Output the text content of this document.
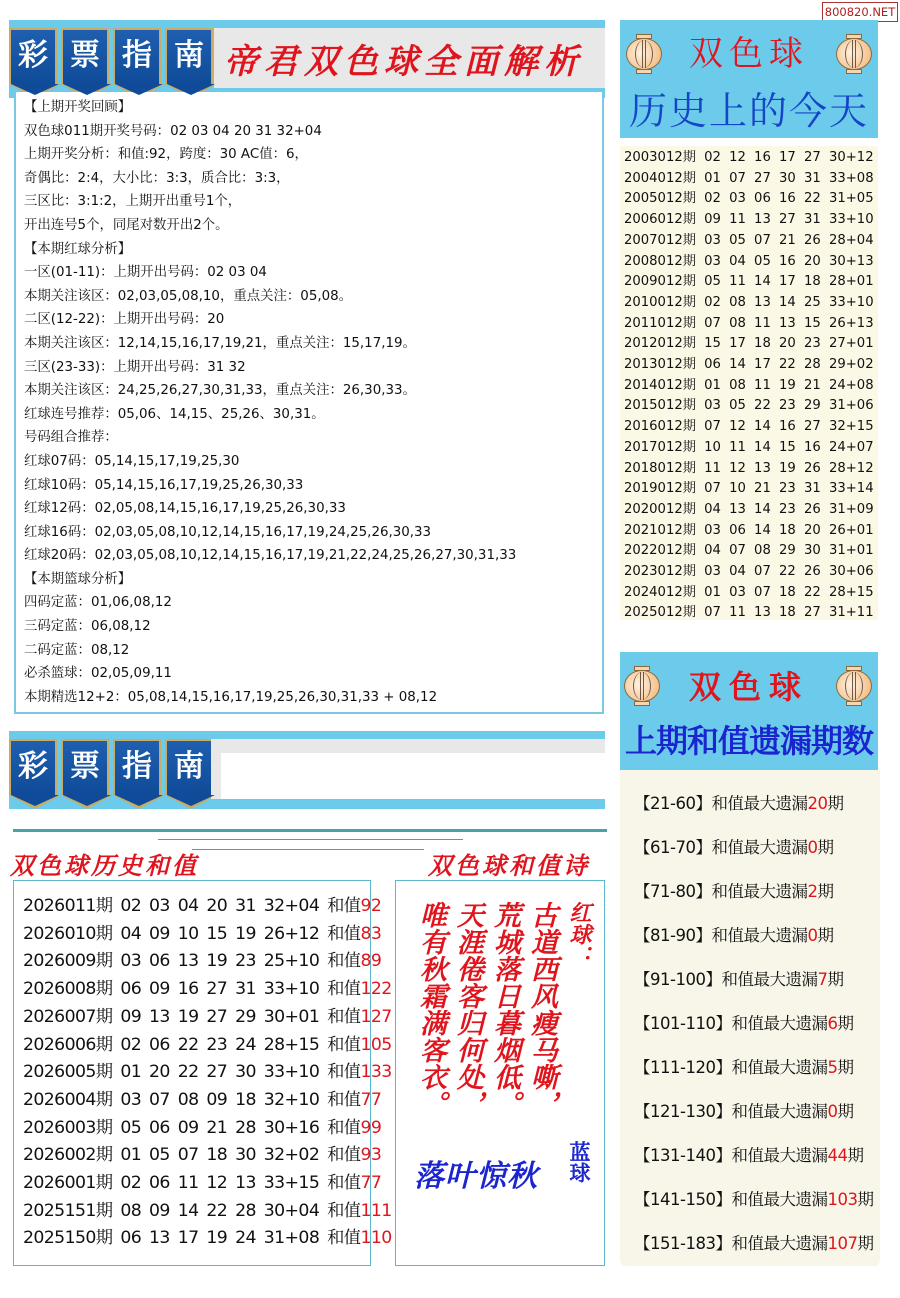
800820.NET
彩 票 指 南 帝君双色球全面解析
【上期开奖回顾】
双色球011期开奖号码：02 03 04 20 31 32+04
上期开奖分析：和值:92，跨度：30 AC值：6，
奇偶比：2:4，大小比：3:3，质合比：3:3，
三区比：3:1:2，上期开出重号1个，
开出连号5个，同尾对数开出2个。
【本期红球分析】
一区(01-11)：上期开出号码：02 03 04
本期关注该区：02,03,05,08,10，重点关注：05,08。
二区(12-22)：上期开出号码：20
本期关注该区：12,14,15,16,17,19,21，重点关注：15,17,19。
三区(23-33)：上期开出号码：31 32
本期关注该区：24,25,26,27,30,31,33，重点关注：26,30,33。
红球连号推荐：05,06、14,15、25,26、30,31。
号码组合推荐：
红球07码：05,14,15,17,19,25,30
红球10码：05,14,15,16,17,19,25,26,30,33
红球12码：02,05,08,14,15,16,17,19,25,26,30,33
红球16码：02,03,05,08,10,12,14,15,16,17,19,24,25,26,30,33
红球20码：02,03,05,08,10,12,14,15,16,17,19,21,22,24,25,26,27,30,31,33
【本期篮球分析】
四码定蓝：01,06,08,12
三码定蓝：06,08,12
二码定蓝：08,12
必杀篮球：02,05,09,11
本期精选12+2：05,08,14,15,16,17,19,25,26,30,31,33 + 08,12
双色球
历史上的今天
2003012期 02 12 16 17 27 30+12
2004012期 01 07 27 30 31 33+08
2005012期 02 03 06 16 22 31+05
2006012期 09 11 13 27 31 33+10
2007012期 03 05 07 21 26 28+04
2008012期 03 04 05 16 20 30+13
2009012期 05 11 14 17 18 28+01
2010012期 02 08 13 14 25 33+10
2011012期 07 08 11 13 15 26+13
2012012期 15 17 18 20 23 27+01
2013012期 06 14 17 22 28 29+02
2014012期 01 08 11 19 21 24+08
2015012期 03 05 22 23 29 31+06
2016012期 07 12 14 16 27 32+15
2017012期 10 11 14 15 16 24+07
2018012期 11 12 13 19 26 28+12
2019012期 07 10 21 23 31 33+14
2020012期 04 13 14 23 26 31+09
2021012期 03 06 14 18 20 26+01
2022012期 04 07 08 29 30 31+01
2023012期 03 04 07 22 26 30+06
2024012期 01 03 07 18 22 28+15
2025012期 07 11 13 18 27 31+11
双色球
上期和值遗漏期数
【21-60】和值最大遗漏20期
【61-70】和值最大遗漏0期
【71-80】和值最大遗漏2期
【81-90】和值最大遗漏0期
【91-100】和值最大遗漏7期
【101-110】和值最大遗漏6期
【111-120】和值最大遗漏5期
【121-130】和值最大遗漏0期
【131-140】和值最大遗漏44期
【141-150】和值最大遗漏103期
【151-183】和值最大遗漏107期
彩 票 指 南
双色球历史和值	双色球和值诗
2026011期 02 03 04 20 31 32+04 和值92
2026010期 04 09 10 15 19 26+12 和值83
2026009期 03 06 13 19 23 25+10 和值89
2026008期 06 09 16 27 31 33+10 和值122
2026007期 09 13 19 27 29 30+01 和值127
2026006期 02 06 22 23 24 28+15 和值105
2026005期 01 20 22 27 30 33+10 和值133
2026004期 03 07 08 09 18 32+10 和值77
2026003期 05 06 09 21 28 30+16 和值99
2026002期 01 05 07 18 30 32+02 和值93
2026001期 02 06 11 12 13 33+15 和值77
2025151期 08 09 14 22 28 30+04 和值111
2025150期 06 13 17 19 24 31+08 和值110
红球：
古道西风瘦马嘶，
荒城落日暮烟低。
天涯倦客归何处，
唯有秋霜满客衣。
落叶惊秋 蓝球
